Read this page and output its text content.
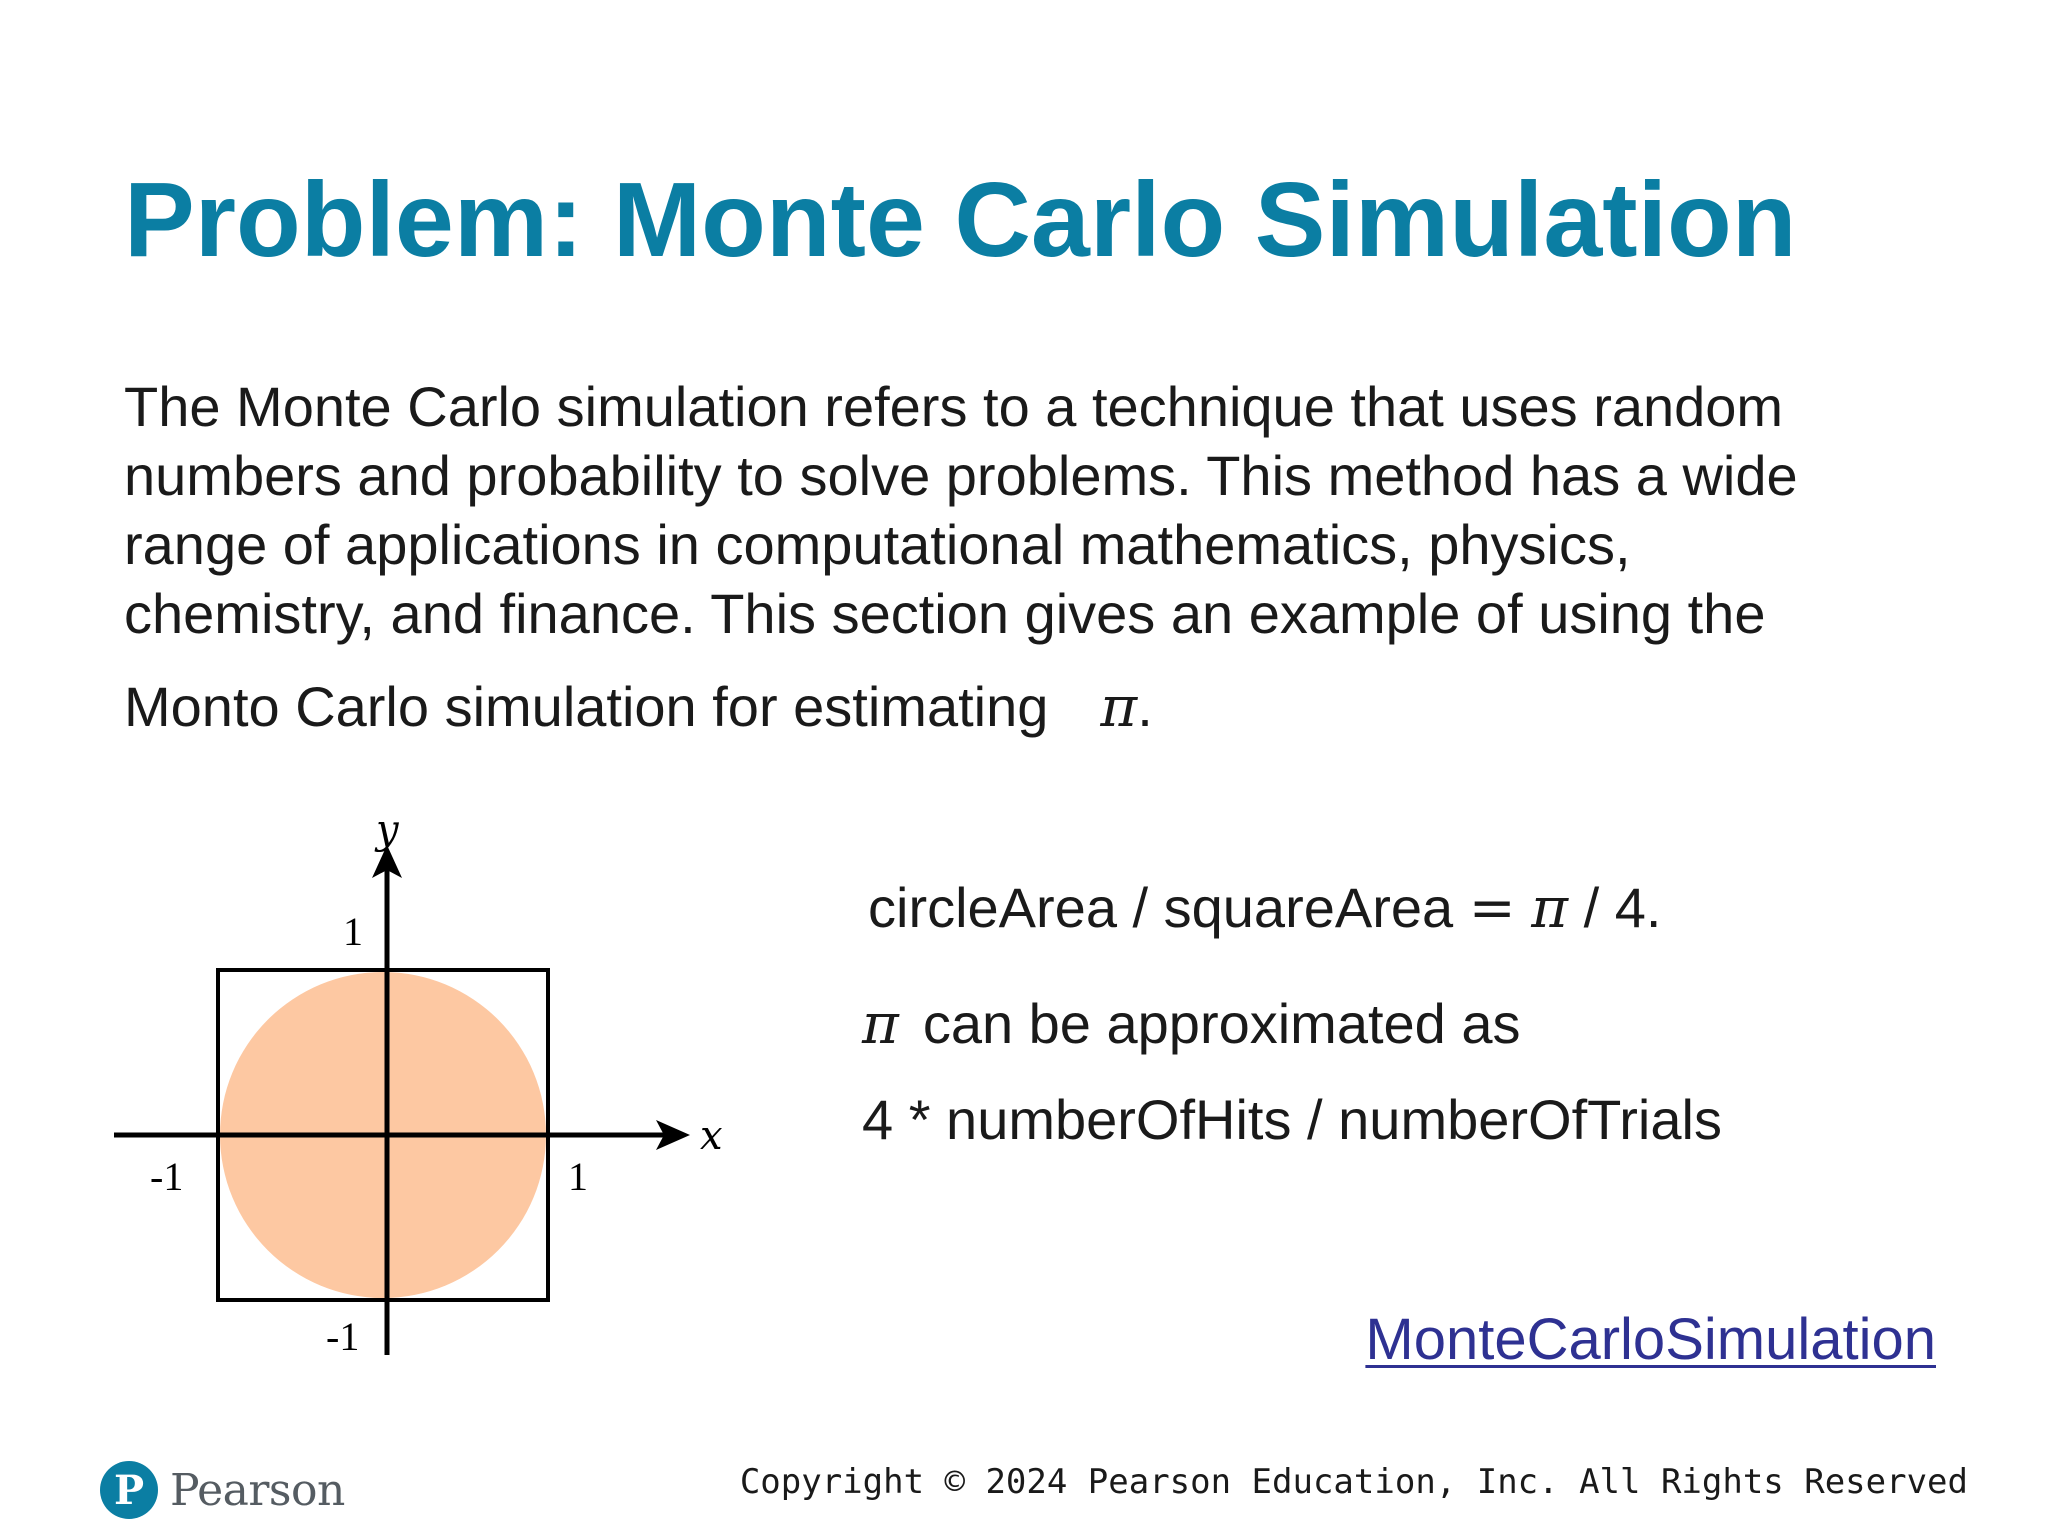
Problem: Monte Carlo Simulation
The Monte Carlo simulation refers to a technique that uses random
numbers and probability to solve problems. This method has a wide
range of applications in computational mathematics, physics,
chemistry, and finance. This section gives an example of using the
Monto Carlo simulation for estimating π.
y
x
1
-1
-1	1
circleArea / squareArea = π / 4.
π can be approximated as
4 * numberOfHits / numberOfTrials
MonteCarloSimulation
P Pearson	Copyright © 2024 Pearson Education, Inc. All Rights Reserved
